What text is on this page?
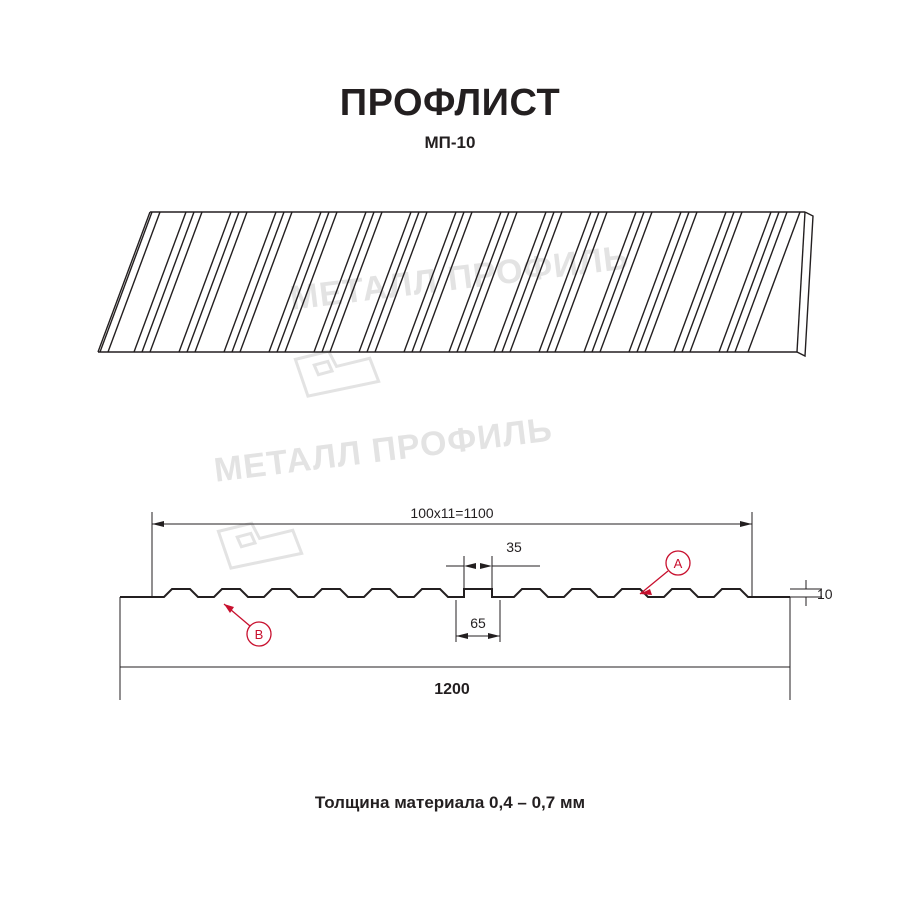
ПРОФЛИСТ
МП-10
МЕТАЛЛ ПРОФИЛЬ
МЕТАЛЛ ПРОФИЛЬ
100x11=1100
35
65
10
1200
A
B
Толщина материала 0,4 – 0,7 мм
